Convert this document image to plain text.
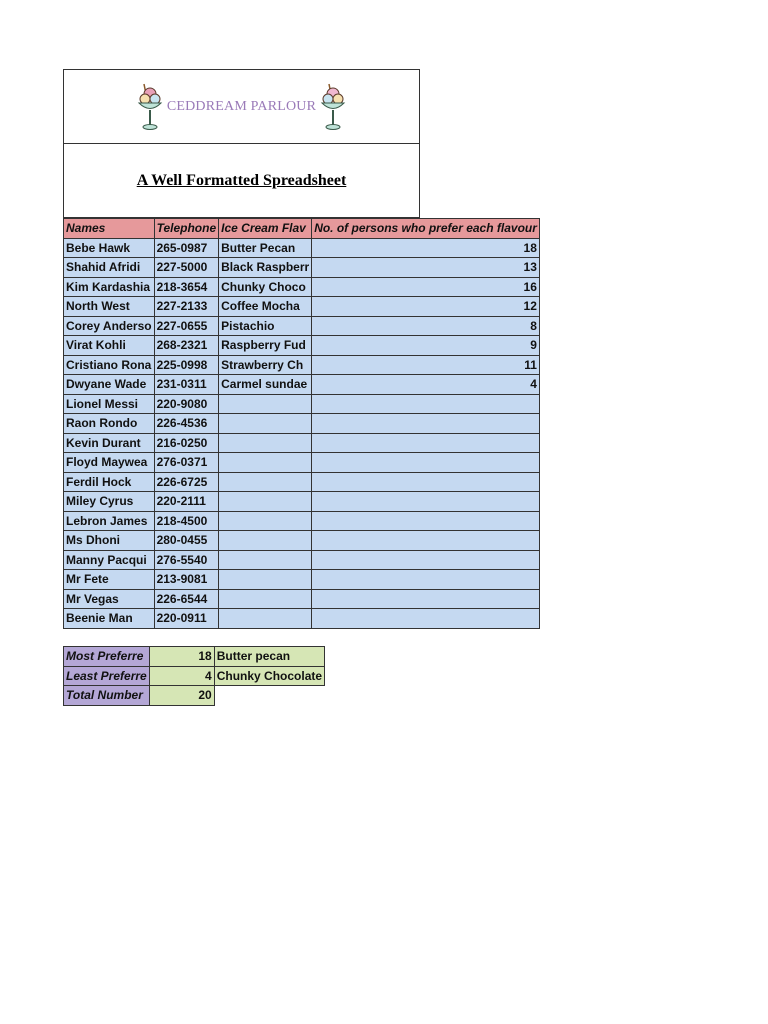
CEDDREAM PARLOUR
A Well Formatted Spreadsheet
Names	Telephone	Ice Cream Flav	No. of persons who prefer each flavour
Bebe Hawk	265-0987	Butter Pecan	18
Shahid Afridi	227-5000	Black Raspberr	13
Kim Kardashia	218-3654	Chunky Choco	16
North West	227-2133	Coffee Mocha	12
Corey Anderso	227-0655	Pistachio	8
Virat Kohli	268-2321	Raspberry Fud	9
Cristiano Rona	225-0998	Strawberry Ch	11
Dwyane Wade	231-0311	Carmel sundae	4
Lionel Messi	220-9080		
Raon Rondo	226-4536		
Kevin Durant	216-0250		
Floyd Maywea	276-0371		
Ferdil Hock	226-6725		
Miley Cyrus	220-2111		
Lebron James	218-4500		
Ms Dhoni	280-0455		
Manny Pacqui	276-5540		
Mr Fete	213-9081		
Mr Vegas	226-6544		
Beenie Man	220-0911		
Most Preferre	18	Butter pecan
Least Preferre	4	Chunky Chocolate
Total Number	20	
